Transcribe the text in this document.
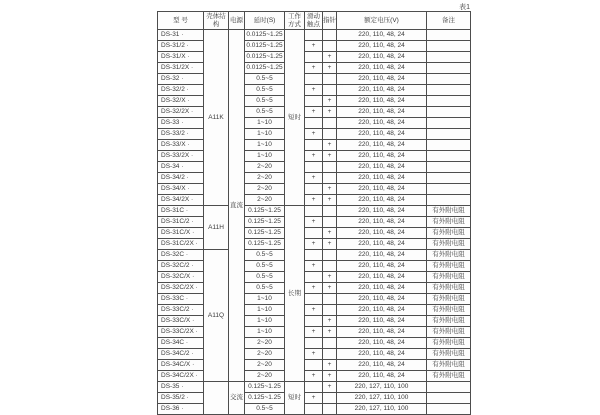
表1
型 号	壳体结构	电源	延时(S)	工作方式	滑动触点	指针	额定电压(V)	备注
DS-31 ·	A11K	直流	0.0125~1.25	短时			220, 110, 48, 24	
DS-31/2 ·			0.0125~1.25		+		220, 110, 48, 24	
DS-31/X ·			0.0125~1.25			+	220, 110, 48, 24	
DS-31/2X ·			0.0125~1.25		+	+	220, 110, 48, 24	
DS-32 ·			0.5~5				220, 110, 48, 24	
DS-32/2 ·			0.5~5		+		220, 110, 48, 24	
DS-32/X ·			0.5~5			+	220, 110, 48, 24	
DS-32/2X ·			0.5~5		+	+	220, 110, 48, 24	
DS-33 ·			1~10				220, 110, 48, 24	
DS-33/2 ·			1~10		+		220, 110, 48, 24	
DS-33/X ·			1~10			+	220, 110, 48, 24	
DS-33/2X ·			1~10		+	+	220, 110, 48, 24	
DS-34 ·			2~20				220, 110, 48, 24	
DS-34/2 ·			2~20		+		220, 110, 48, 24	
DS-34/X ·			2~20			+	220, 110, 48, 24	
DS-34/2X ·			2~20		+	+	220, 110, 48, 24	
DS-31C ·	A11H		0.125~1.25	长期			220, 110, 48, 24	有外附电阻
DS-31C/2 ·			0.125~1.25		+		220, 110, 48, 24	有外附电阻
DS-31C/X ·			0.125~1.25			+	220, 110, 48, 24	有外附电阻
DS-31C/2X ·			0.125~1.25		+	+	220, 110, 48, 24	有外附电阻
DS-32C ·	A11Q		0.5~5				220, 110, 48, 24	有外附电阻
DS-32C/2 ·			0.5~5		+		220, 110, 48, 24	有外附电阻
DS-32C/X ·			0.5~5			+	220, 110, 48, 24	有外附电阻
DS-32C/2X ·			0.5~5		+	+	220, 110, 48, 24	有外附电阻
DS-33C ·			1~10				220, 110, 48, 24	有外附电阻
DS-33C/2 ·			1~10		+		220, 110, 48, 24	有外附电阻
DS-33C/X ·			1~10			+	220, 110, 48, 24	有外附电阻
DS-33C/2X ·			1~10		+	+	220, 110, 48, 24	有外附电阻
DS-34C ·			2~20				220, 110, 48, 24	有外附电阻
DS-34C/2 ·			2~20		+		220, 110, 48, 24	有外附电阻
DS-34C/X ·			2~20			+	220, 110, 48, 24	有外附电阻
DS-34C/2X ·			2~20		+	+	220, 110, 48, 24	有外附电阻
DS-35 ·		交流	0.125~1.25	短时		+	220, 127, 110, 100	
DS-35/2 ·			0.125~1.25		+		220, 127, 110, 100	
DS-36 ·			0.5~5				220, 127, 110, 100	
